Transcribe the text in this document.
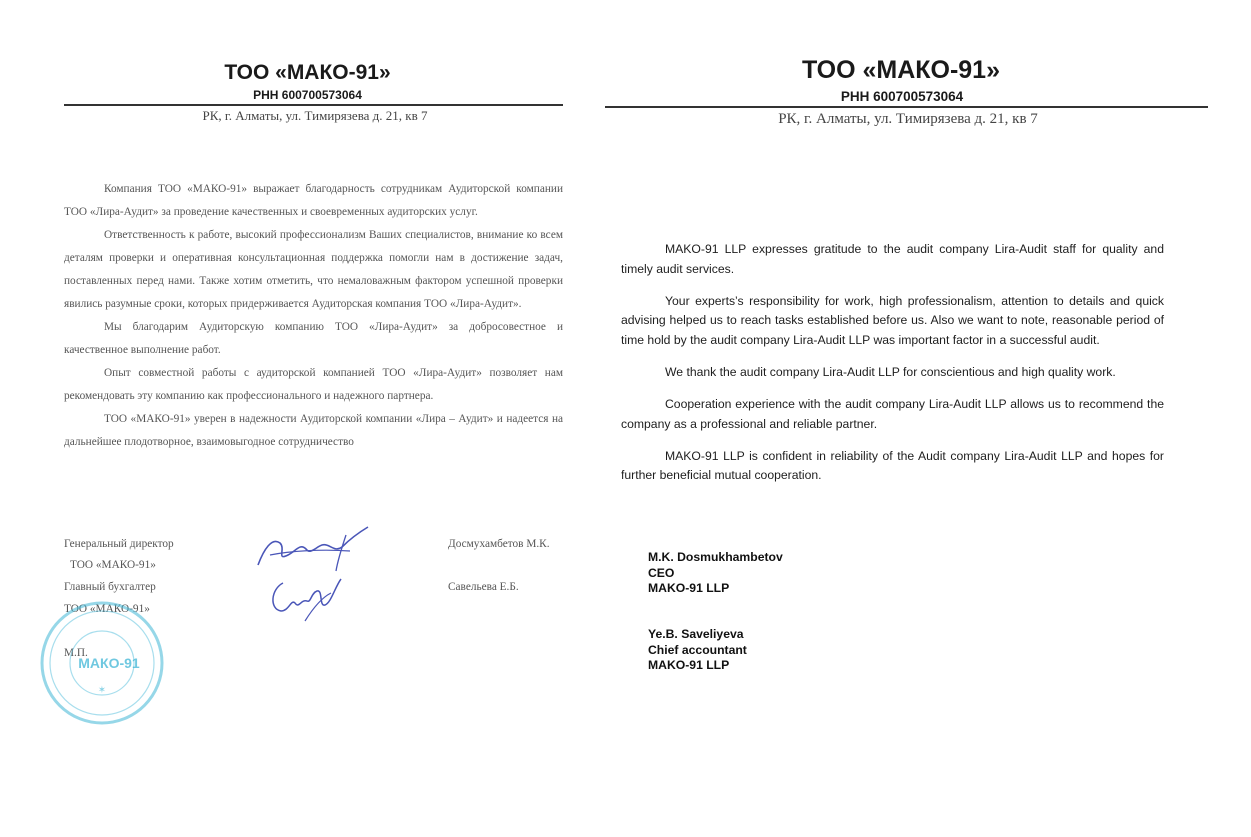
ТОО «МАКО-91»
РНН 600700573064
РК, г. Алматы, ул. Тимирязева д. 21, кв 7

Компания ТОО «МАКО-91» выражает благодарность сотрудникам Аудиторской компании ТОО «Лира-Аудит» за проведение качественных и своевременных аудиторских услуг.

Ответственность к работе, высокий профессионализм Ваших специалистов, внимание ко всем деталям проверки и оперативная консультационная поддержка помогли нам в достижение задач, поставленных перед нами. Также хотим отметить, что немаловажным фактором успешной проверки явились разумные сроки, которых придерживается Аудиторская компания ТОО «Лира-Аудит».

Мы благодарим Аудиторскую компанию ТОО «Лира-Аудит» за добросовестное и качественное выполнение работ.

Опыт совместной работы с аудиторской компанией ТОО «Лира-Аудит» позволяет нам рекомендовать эту компанию как профессионального и надежного партнера.

ТОО «МАКО-91» уверен в надежности Аудиторской компании «Лира – Аудит» и надеется на дальнейшее плодотворное, взаимовыгодное сотрудничество

Генеральный директор
ТОО «МАКО-91»
Досмухамбетов М.К.
Главный бухгалтер
ТОО «МАКО-91»
Савельева Е.Б.
М.П.
МАКО-91
✶
ТОО «МАКО-91»
РНН 600700573064
РК, г. Алматы, ул. Тимирязева д. 21, кв 7

MAKO-91 LLP expresses gratitude to the audit company Lira-Audit staff for quality and timely audit services.

Your experts’s responsibility for work, high professionalism, attention to details and quick advising helped us to reach tasks established before us. Also we want to note, reasonable period of time hold by the audit company Lira-Audit LLP was important factor in a successful audit.

We thank the audit company Lira-Audit LLP for conscientious and high quality work.

Cooperation experience with the audit company Lira-Audit LLP allows us to recommend the company as a professional and reliable partner.

MAKO-91 LLP is confident in reliability of the Audit company Lira-Audit LLP and hopes for further beneficial mutual cooperation.

M.K. Dosmukhambetov
CEO
MAKO-91 LLP
Ye.B. Saveliyeva
Chief accountant
MAKO-91 LLP
